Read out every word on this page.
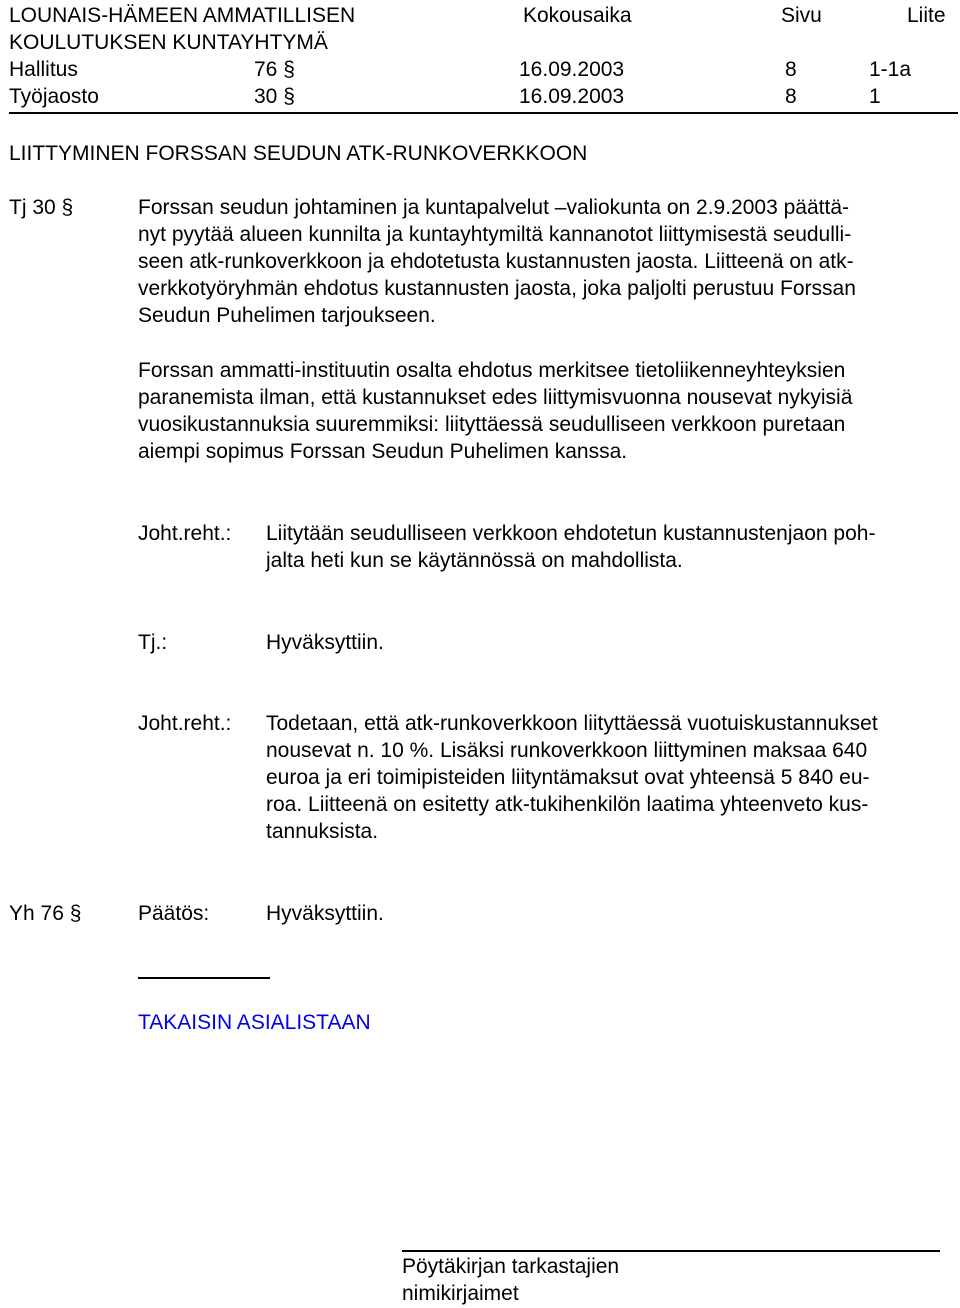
LOUNAIS-HÄMEEN AMMATILLISEN
KOULUTUKSEN KUNTAYHTYMÄ
Kokousaika	Sivu	Liite
Hallitus	76 §	16.09.2003	8	1-1a
Työjaosto	30 §	16.09.2003	8	1
LIITTYMINEN FORSSAN SEUDUN ATK-RUNKOVERKKOON
Tj 30 §	Forssan seudun johtaminen ja kuntapalvelut –valiokunta on 2.9.2003 päättä-
nyt pyytää alueen kunnilta ja kuntayhtymiltä kannanotot liittymisestä seudulli-
seen atk-runkoverkkoon ja ehdotetusta kustannusten jaosta. Liitteenä on atk-
verkkotyöryhmän ehdotus kustannusten jaosta, joka paljolti perustuu Forssan
Seudun Puhelimen tarjoukseen.
Forssan ammatti-instituutin osalta ehdotus merkitsee tietoliikenneyhteyksien
paranemista ilman, että kustannukset edes liittymisvuonna nousevat nykyisiä
vuosikustannuksia suuremmiksi: liityttäessä seudulliseen verkkoon puretaan
aiempi sopimus Forssan Seudun Puhelimen kanssa.
Joht.reht.: Liitytään seudulliseen verkkoon ehdotetun kustannustenjaon poh-
jalta heti kun se käytännössä on mahdollista.
Tj.:	Hyväksyttiin.
Joht.reht.: Todetaan, että atk-runkoverkkoon liityttäessä vuotuiskustannukset
nousevat n. 10 %. Lisäksi runkoverkkoon liittyminen maksaa 640
euroa ja eri toimipisteiden liityntämaksut ovat yhteensä 5 840 eu-
roa. Liitteenä on esitetty atk-tukihenkilön laatima yhteenveto kus-
tannuksista.
Yh 76 §	Päätös:	Hyväksyttiin.
TAKAISIN ASIALISTAAN
Pöytäkirjan tarkastajien
nimikirjaimet
